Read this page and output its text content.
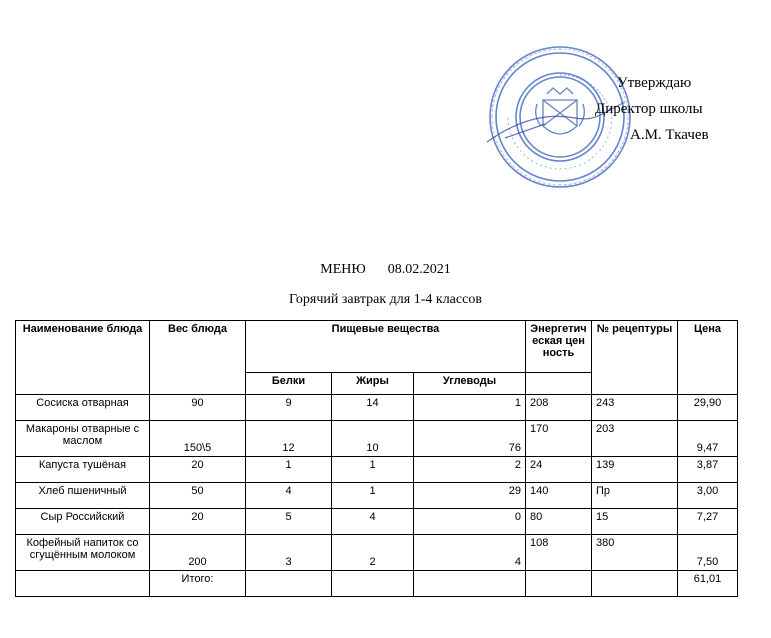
Утверждаю
Директор школы
А.М. Ткачев
МЕНЮ 08.02.2021
Горячий завтрак для 1-4 классов
Наименование блюда	Вес блюда	Пищевые вещества			Энергетическая ценность	№ рецептуры	Цена
		Белки	Жиры	Углеводы			
Сосиска отварная	90	9	14	1	208	243	29,90
Макароны отварные с маслом	150\5	12	10	76	170	203	9,47
Капуста тушёная	20	1	1	2	24	139	3,87
Хлеб пшеничный	50	4	1	29	140	Пр	3,00
Сыр Российский	20	5	4	0	80	15	7,27
Кофейный напиток со сгущённым молоком	200	3	2	4	108	380	7,50
	Итого:						61,01
